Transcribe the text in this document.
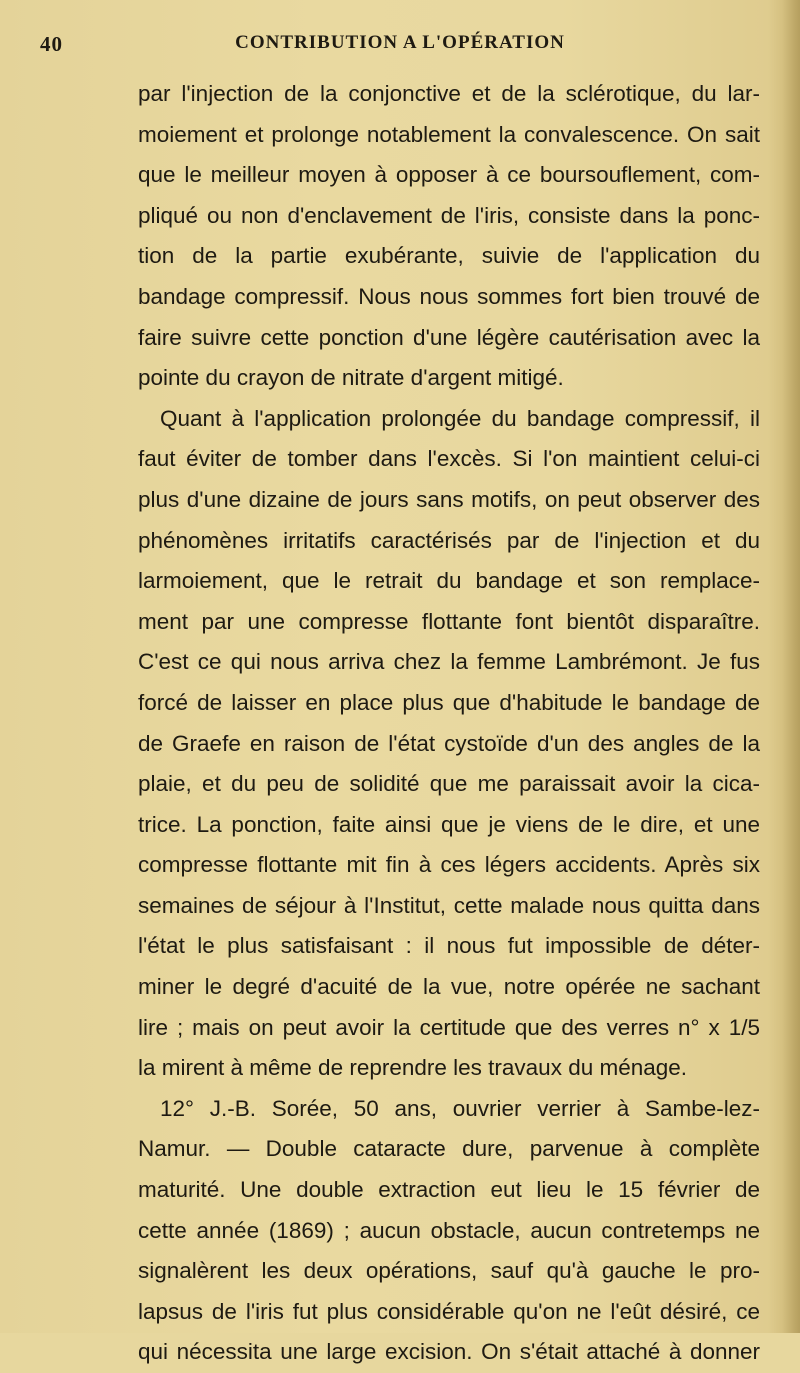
40	CONTRIBUTION A L'OPÉRATION
par l'injection de la conjonctive et de la sclérotique, du lar-
moiement et prolonge notablement la convalescence. On sait
que le meilleur moyen à opposer à ce boursouflement, com-
pliqué ou non d'enclavement de l'iris, consiste dans la ponc-
tion de la partie exubérante, suivie de l'application du
bandage compressif. Nous nous sommes fort bien trouvé de
faire suivre cette ponction d'une légère cautérisation avec la
pointe du crayon de nitrate d'argent mitigé.
Quant à l'application prolongée du bandage compressif, il
faut éviter de tomber dans l'excès. Si l'on maintient celui-ci
plus d'une dizaine de jours sans motifs, on peut observer des
phénomènes irritatifs caractérisés par de l'injection et du
larmoiement, que le retrait du bandage et son remplace-
ment par une compresse flottante font bientôt disparaître.
C'est ce qui nous arriva chez la femme Lambrémont. Je fus
forcé de laisser en place plus que d'habitude le bandage de
de Graefe en raison de l'état cystoïde d'un des angles de la
plaie, et du peu de solidité que me paraissait avoir la cica-
trice. La ponction, faite ainsi que je viens de le dire, et une
compresse flottante mit fin à ces légers accidents. Après six
semaines de séjour à l'Institut, cette malade nous quitta dans
l'état le plus satisfaisant : il nous fut impossible de déter-
miner le degré d'acuité de la vue, notre opérée ne sachant
lire ; mais on peut avoir la certitude que des verres n° x 1/5
la mirent à même de reprendre les travaux du ménage.
12° J.-B. Sorée, 50 ans, ouvrier verrier à Sambe-lez-
Namur. — Double cataracte dure, parvenue à complète
maturité. Une double extraction eut lieu le 15 février de
cette année (1869) ; aucun obstacle, aucun contretemps ne
signalèrent les deux opérations, sauf qu'à gauche le pro-
lapsus de l'iris fut plus considérable qu'on ne l'eût désiré, ce
qui nécessita une large excision. On s'était attaché à donner
